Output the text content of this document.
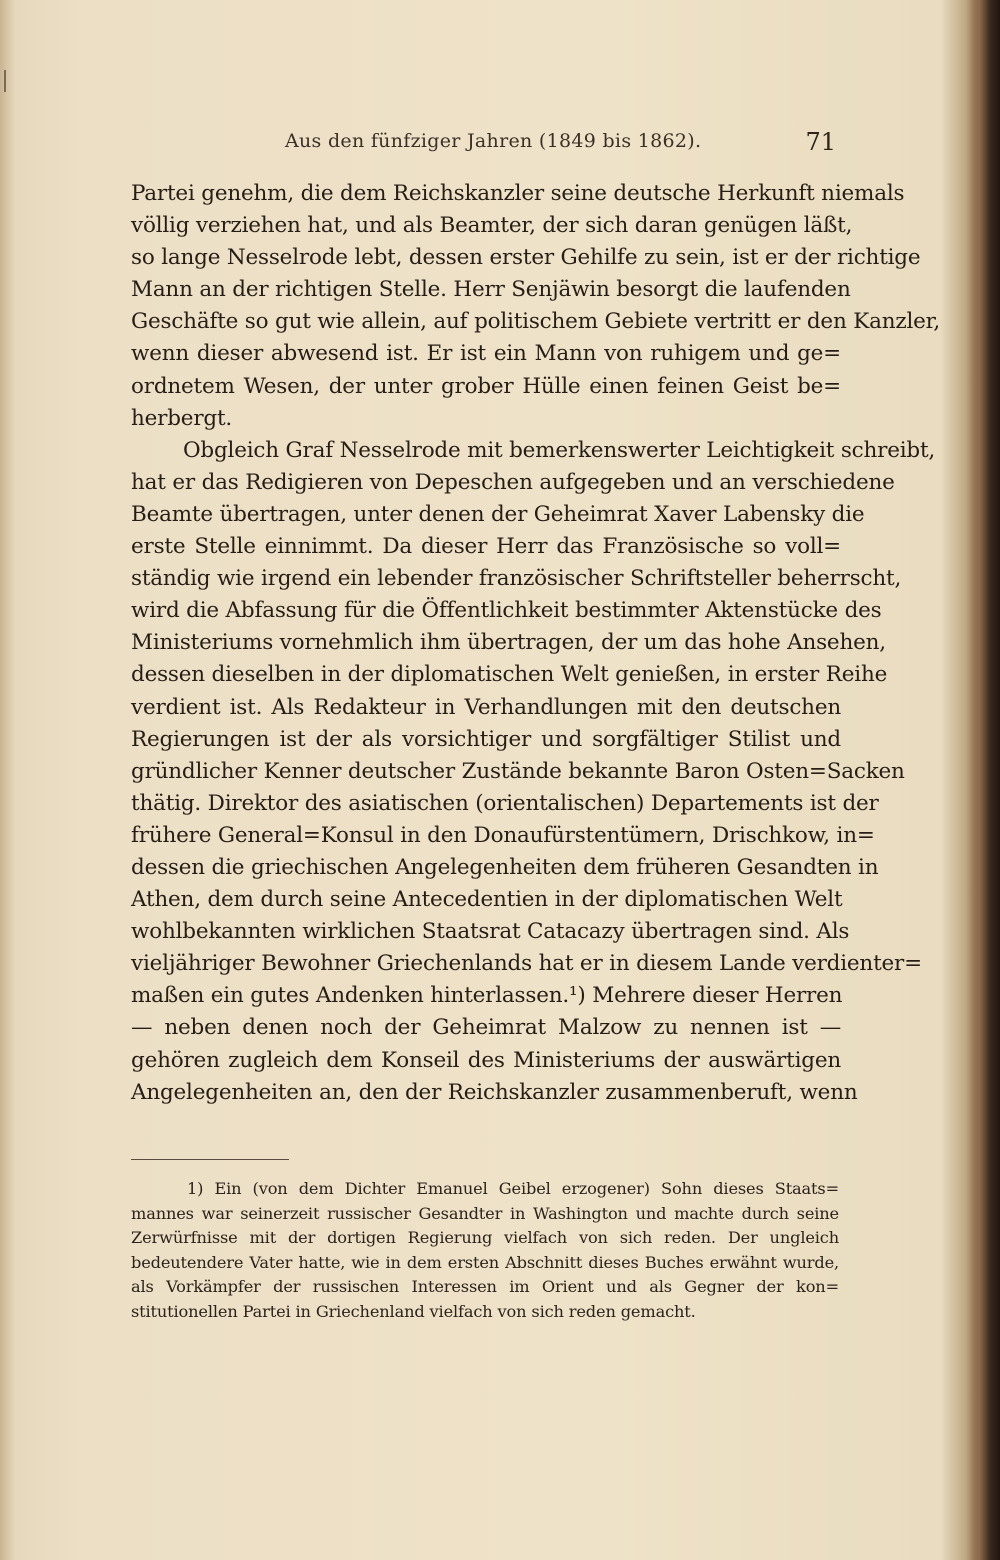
Aus den fünfziger Jahren (1849 bis 1862).	71
Partei genehm, die dem Reichskanzler seine deutsche Herkunft niemals
völlig verziehen hat, und als Beamter, der sich daran genügen läßt,
so lange Nesselrode lebt, dessen erster Gehilfe zu sein, ist er der richtige
Mann an der richtigen Stelle. Herr Senjäwin besorgt die laufenden
Geschäfte so gut wie allein, auf politischem Gebiete vertritt er den Kanzler,
wenn dieser abwesend ist. Er ist ein Mann von ruhigem und ge=
ordnetem Wesen, der unter grober Hülle einen feinen Geist be=
herbergt.
Obgleich Graf Nesselrode mit bemerkenswerter Leichtigkeit schreibt,
hat er das Redigieren von Depeschen aufgegeben und an verschiedene
Beamte übertragen, unter denen der Geheimrat Xaver Labensky die
erste Stelle einnimmt. Da dieser Herr das Französische so voll=
ständig wie irgend ein lebender französischer Schriftsteller beherrscht,
wird die Abfassung für die Öffentlichkeit bestimmter Aktenstücke des
Ministeriums vornehmlich ihm übertragen, der um das hohe Ansehen,
dessen dieselben in der diplomatischen Welt genießen, in erster Reihe
verdient ist. Als Redakteur in Verhandlungen mit den deutschen
Regierungen ist der als vorsichtiger und sorgfältiger Stilist und
gründlicher Kenner deutscher Zustände bekannte Baron Osten=Sacken
thätig. Direktor des asiatischen (orientalischen) Departements ist der
frühere General=Konsul in den Donaufürstentümern, Drischkow, in=
dessen die griechischen Angelegenheiten dem früheren Gesandten in
Athen, dem durch seine Antecedentien in der diplomatischen Welt
wohlbekannten wirklichen Staatsrat Catacazy übertragen sind. Als
vieljähriger Bewohner Griechenlands hat er in diesem Lande verdienter=
maßen ein gutes Andenken hinterlassen.¹) Mehrere dieser Herren
— neben denen noch der Geheimrat Malzow zu nennen ist —
gehören zugleich dem Konseil des Ministeriums der auswärtigen
Angelegenheiten an, den der Reichskanzler zusammenberuft, wenn
1) Ein (von dem Dichter Emanuel Geibel erzogener) Sohn dieses Staats=
mannes war seinerzeit russischer Gesandter in Washington und machte durch seine
Zerwürfnisse mit der dortigen Regierung vielfach von sich reden. Der ungleich
bedeutendere Vater hatte, wie in dem ersten Abschnitt dieses Buches erwähnt wurde,
als Vorkämpfer der russischen Interessen im Orient und als Gegner der kon=
stitutionellen Partei in Griechenland vielfach von sich reden gemacht.
